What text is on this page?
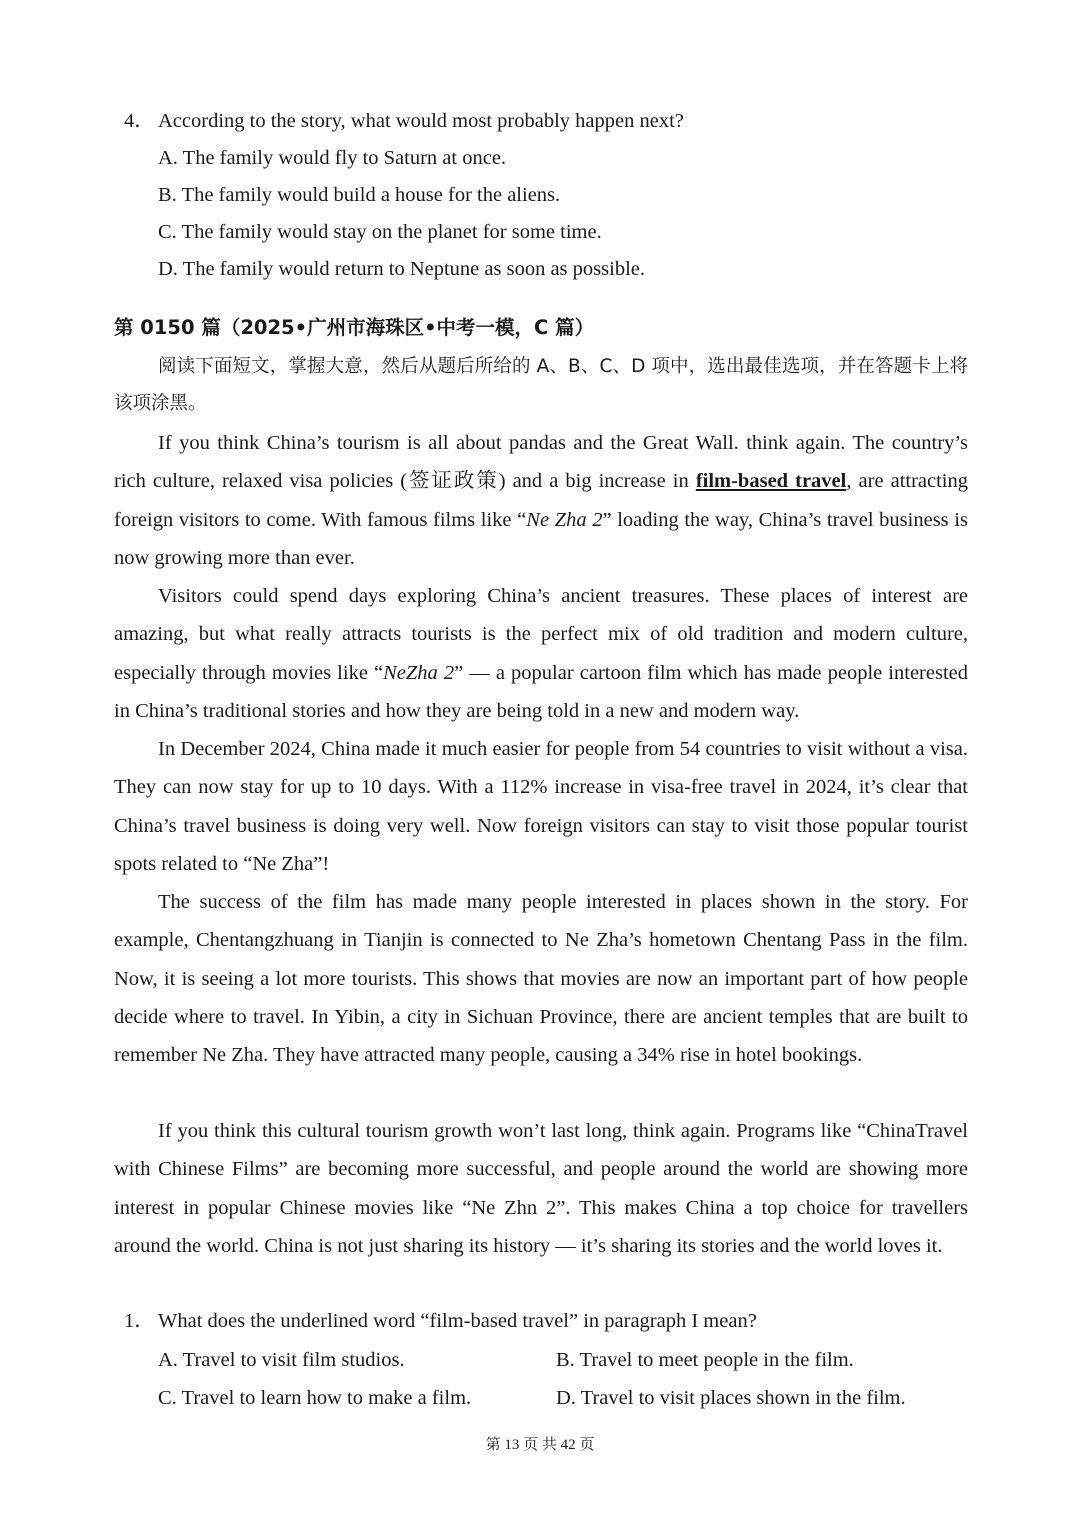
4． According to the story, what would most probably happen next?
A. The family would fly to Saturn at once.
B. The family would build a house for the aliens.
C. The family would stay on the planet for some time.
D. The family would return to Neptune as soon as possible.
第 0150 篇（2025•广州市海珠区•中考一模，C 篇）
阅读下面短文，掌握大意，然后从题后所给的 A、B、C、D 项中，选出最佳选项，并在答题卡上将该项涂黑。

If you think China’s tourism is all about pandas and the Great Wall. think again. The country’s rich culture, relaxed visa policies (签证政策) and a big increase in film-based travel, are attracting foreign visitors to come. With famous films like “Ne Zha 2” loading the way, China’s travel business is now growing more than ever.

Visitors could spend days exploring China’s ancient treasures. These places of interest are amazing, but what really attracts tourists is the perfect mix of old tradition and modern culture, especially through movies like “NeZha 2” — a popular cartoon film which has made people interested in China’s traditional stories and how they are being told in a new and modern way.

In December 2024, China made it much easier for people from 54 countries to visit without a visa. They can now stay for up to 10 days. With a 112% increase in visa-free travel in 2024, it’s clear that China’s travel business is doing very well. Now foreign visitors can stay to visit those popular tourist spots related to “Ne Zha”!

The success of the film has made many people interested in places shown in the story. For example, Chentangzhuang in Tianjin is connected to Ne Zha’s hometown Chentang Pass in the film. Now, it is seeing a lot more tourists. This shows that movies are now an important part of how people decide where to travel. In Yibin, a city in Sichuan Province, there are ancient temples that are built to remember Ne Zha. They have attracted many people, causing a 34% rise in hotel bookings.

If you think this cultural tourism growth won’t last long, think again. Programs like “ChinaTravel with Chinese Films” are becoming more successful, and people around the world are showing more interest in popular Chinese movies like “Ne Zhn 2”. This makes China a top choice for travellers around the world. China is not just sharing its history — it’s sharing its stories and the world loves it.

1． What does the underlined word “film-based travel” in paragraph I mean?
A. Travel to visit film studios.	B. Travel to meet people in the film.
C. Travel to learn how to make a film.	D. Travel to visit places shown in the film.
第 13 页 共 42 页
